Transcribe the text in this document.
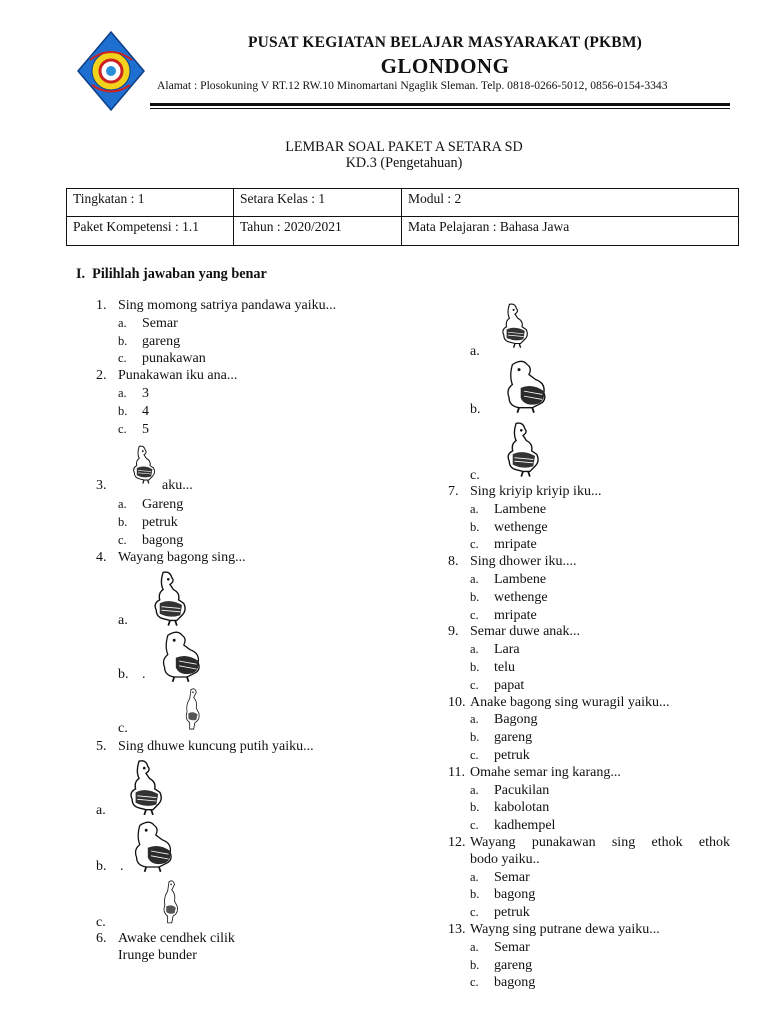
PUSAT KEGIATAN BELAJAR MASYARAKAT (PKBM)
GLONDONG
Alamat : Plosokuning V RT.12 RW.10 Minomartani Ngaglik Sleman. Telp. 0818-0266-5012, 0856-0154-3343
LEMBAR SOAL PAKET A SETARA SD
KD.3 (Pengetahuan)
Tingkatan : 1	Setara Kelas : 1	Modul : 2
Paket Kompetensi : 1.1	Tahun : 2020/2021	Mata Pelajaran : Bahasa Jawa
I. Pilihlah jawaban yang benar
1. Sing momong satriya pandawa yaiku...
a. Semar
b. gareng
c. punakawan
2. Punakawan iku ana...
a. 3
b. 4
c. 5
3.	aku...
a. Gareng
b. petruk
c. bagong
4. Wayang bagong sing...
a.
b. .
c.
5. Sing dhuwe kuncung putih yaiku...
a.
b. .
c.
6. Awake cendhek cilik
Irunge bunder
a.
b.
c.
7. Sing kriyip kriyip iku...
a. Lambene
b. wethenge
c. mripate
8. Sing dhower iku....
a. Lambene
b. wethenge
c. mripate
9. Semar duwe anak...
a. Lara
b. telu
c. papat
10. Anake bagong sing wuragil yaiku...
a. Bagong
b. gareng
c. petruk
11. Omahe semar ing karang...
a. Pacukilan
b. kabolotan
c. kadhempel
12. Wayang punakawan sing ethok ethok
bodo yaiku..
a. Semar
b. bagong
c. petruk
13. Wayng sing putrane dewa yaiku...
a. Semar
b. gareng
c. bagong
